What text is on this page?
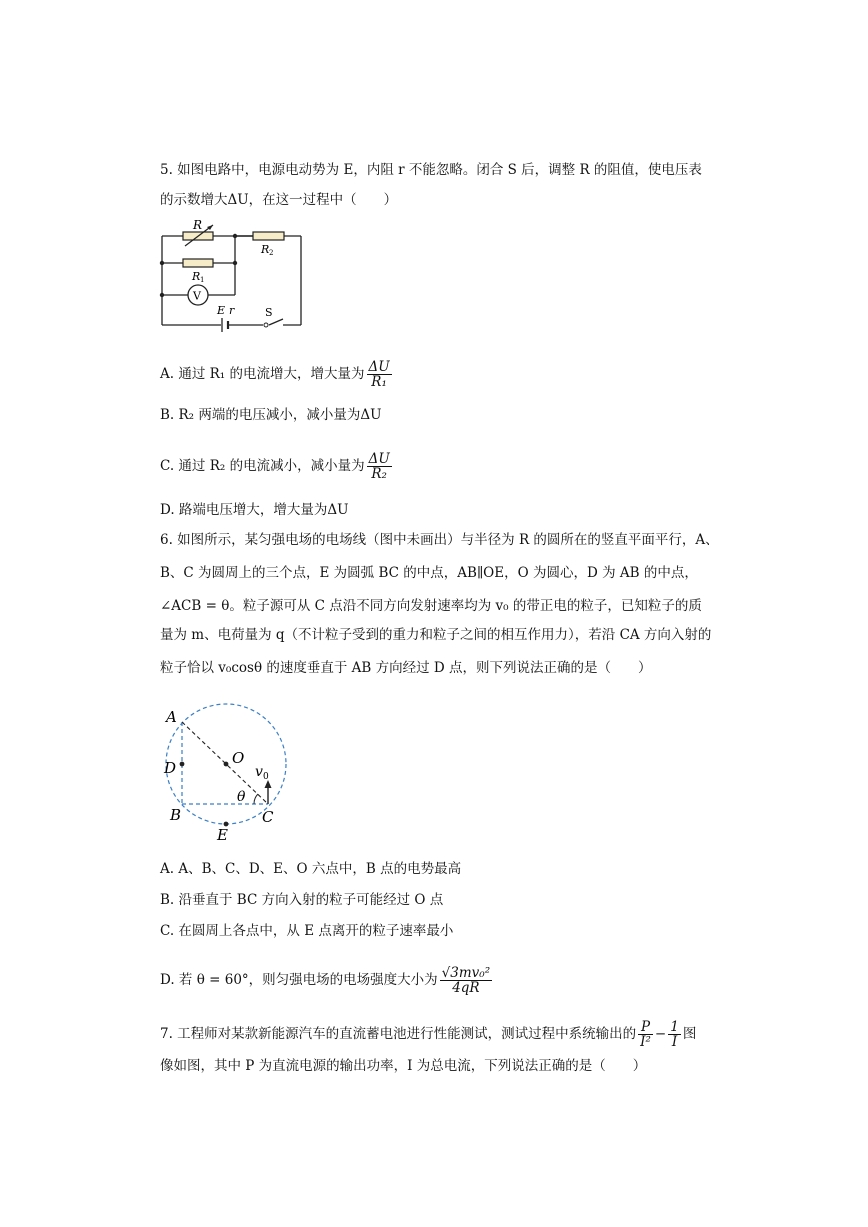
5. 如图电路中，电源电动势为 E，内阻 r 不能忽略。闭合 S 后，调整 R 的阻值，使电压表
的示数增大ΔU，在这一过程中（　　）
R
R 2
R 1
V
E r	S
A. 通过 R₁ 的电流增大，增大量为 $\frac{\Delta U}{\text{R₁}}$
B. R₂ 两端的电压减小，减小量为ΔU
C. 通过 R₂ 的电流减小，减小量为 $\frac{\Delta U}{\text{R₂}}$
D. 路端电压增大，增大量为ΔU
6. 如图所示，某匀强电场的电场线（图中未画出）与半径为 R 的圆所在的竖直平面平行，A、
B、C 为圆周上的三个点，E 为圆弧 BC 的中点，AB∥OE，O 为圆心，D 为 AB 的中点，
∠ACB = θ。粒子源可从 C 点沿不同方向发射速率均为 v₀ 的带正电的粒子，已知粒子的质
量为 m、电荷量为 q（不计粒子受到的重力和粒子之间的相互作用力），若沿 CA 方向入射的
粒子恰以 v₀cosθ 的速度垂直于 AB 方向经过 D 点，则下列说法正确的是（　　）
A
D
O
v 0
θ
B	C
E
A. A、B、C、D、E、O 六点中，B 点的电势最高
B. 沿垂直于 BC 方向入射的粒子可能经过 O 点
C. 在圆周上各点中，从 E 点离开的粒子速率最小
D. 若 θ = 60°，则匀强电场的电场强度大小为 $\frac{\text{√3mv₀²}}{4qR}$
7. 工程师对某款新能源汽车的直流蓄电池进行性能测试，测试过程中系统输出的 $\frac{P}{\text{I²}} - \frac{1}{I}$ 图
像如图，其中 P 为直流电源的输出功率，I 为总电流，下列说法正确的是（　　）
